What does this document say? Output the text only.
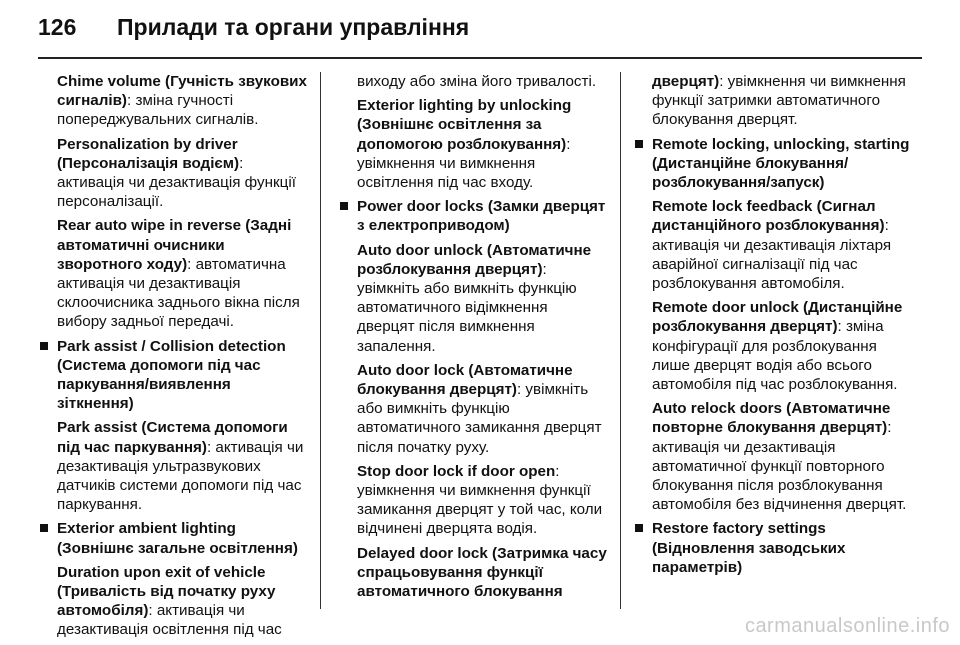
126 Прилади та органи управління
Chime volume (Гучність звукових сигналів): зміна гучності попереджувальних сигналів.
Personalization by driver (Персоналізація водієм): активація чи дезактивація функції персоналізації.
Rear auto wipe in reverse (Задні автоматичні очисники зворотного ходу): автоматична активація чи дезактивація склоочисника заднього вікна після вибору задньої передачі.
Park assist / Collision detection (Система допомоги під час паркування/виявлення зіткнення)
Park assist (Система допомоги під час паркування): активація чи дезактивація ультразвукових датчиків системи допомоги під час паркування.
Exterior ambient lighting (Зовнішнє загальне освітлення)
Duration upon exit of vehicle (Тривалість від початку руху автомобіля): активація чи дезактивація освітлення під час
виходу або зміна його тривалості.
Exterior lighting by unlocking (Зовнішнє освітлення за допомогою розблокування): увімкнення чи вимкнення освітлення під час входу.
Power door locks (Замки дверцят з електроприводом)
Auto door unlock (Автоматичне розблокування дверцят): увімкніть або вимкніть функцію автоматичного відімкнення дверцят після вимкнення запалення.
Auto door lock (Автоматичне блокування дверцят): увімкніть або вимкніть функцію автоматичного замикання дверцят після початку руху.
Stop door lock if door open: увімкнення чи вимкнення функції замикання дверцят у той час, коли відчинені дверцята водія.
Delayed door lock (Затримка часу спрацьовування функції автоматичного блокування
дверцят): увімкнення чи вимкнення функції затримки автоматичного блокування дверцят.
Remote locking, unlocking, starting (Дистанційне блокування/розблокування/запуск)
Remote lock feedback (Сигнал дистанційного розблокування): активація чи дезактивація ліхтаря аварійної сигналізації під час розблокування автомобіля.
Remote door unlock (Дистанційне розблокування дверцят): зміна конфігурації для розблокування лише дверцят водія або всього автомобіля під час розблокування.
Auto relock doors (Автоматичне повторне блокування дверцят): активація чи дезактивація автоматичної функції повторного блокування після розблокування автомобіля без відчинення дверцят.
Restore factory settings (Відновлення заводських параметрів)
carmanualsonline.info
